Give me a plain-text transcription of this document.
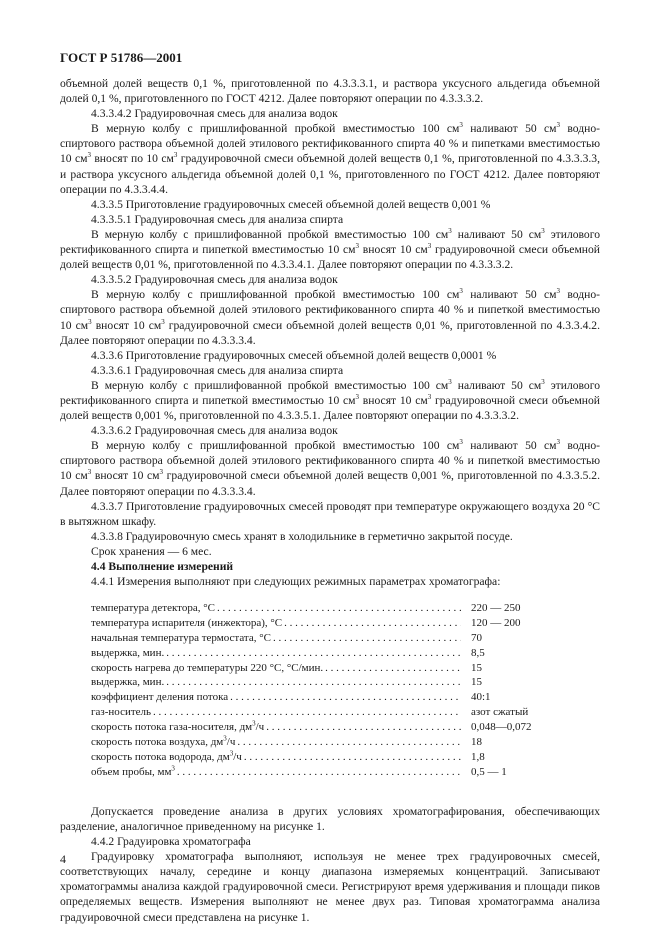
ГОСТ Р 51786—2001

объемной долей веществ 0,1 %, приготовленной по 4.3.3.3.1, и раствора уксусного альдегида объемной долей 0,1 %, приготовленного по ГОСТ 4212. Далее повторяют операции по 4.3.3.3.2.

4.3.3.4.2 Градуировочная смесь для анализа водок

В мерную колбу с пришлифованной пробкой вместимостью 100 $см^3$ наливают 50 $см^3$ водно-спиртового раствора объемной долей этилового ректификованного спирта 40 % и пипетками вместимостью 10 $см^3$ вносят по 10 $см^3$ градуировочной смеси объемной долей веществ 0,1 %, приготовленной по 4.3.3.3.3, и раствора уксусного альдегида объемной долей 0,1 %, приготовленного по ГОСТ 4212. Далее повторяют операции по 4.3.3.4.4.

4.3.3.5 Приготовление градуировочных смесей объемной долей веществ 0,001 %

4.3.3.5.1 Градуировочная смесь для анализа спирта

В мерную колбу с пришлифованной пробкой вместимостью 100 $см^3$ наливают 50 $см^3$ этилового ректификованного спирта и пипеткой вместимостью 10 $см^3$ вносят 10 $см^3$ градуировочной смеси объемной долей веществ 0,01 %, приготовленной по 4.3.3.4.1. Далее повторяют операции по 4.3.3.3.2.

4.3.3.5.2 Градуировочная смесь для анализа водок

В мерную колбу с пришлифованной пробкой вместимостью 100 $см^3$ наливают 50 $см^3$ водно-спиртового раствора объемной долей этилового ректификованного спирта 40 % и пипеткой вместимостью 10 $см^3$ вносят 10 $см^3$ градуировочной смеси объемной долей веществ 0,01 %, приготовленной по 4.3.3.4.2. Далее повторяют операции по 4.3.3.3.4.

4.3.3.6 Приготовление градуировочных смесей объемной долей веществ 0,0001 %

4.3.3.6.1 Градуировочная смесь для анализа спирта

В мерную колбу с пришлифованной пробкой вместимостью 100 $см^3$ наливают 50 $см^3$ этилового ректификованного спирта и пипеткой вместимостью 10 $см^3$ вносят 10 $см^3$ градуировочной смеси объемной долей веществ 0,001 %, приготовленной по 4.3.3.5.1. Далее повторяют операции по 4.3.3.3.2.

4.3.3.6.2 Градуировочная смесь для анализа водок

В мерную колбу с пришлифованной пробкой вместимостью 100 $см^3$ наливают 50 $см^3$ водно-спиртового раствора объемной долей этилового ректификованного спирта 40 % и пипеткой вместимостью 10 $см^3$ вносят 10 $см^3$ градуировочной смеси объемной долей веществ 0,001 %, приготовленной по 4.3.3.5.2. Далее повторяют операции по 4.3.3.3.4.

4.3.3.7 Приготовление градуировочных смесей проводят при температуре окружающего воздуха 20 °С в вытяжном шкафу.

4.3.3.8 Градуировочную смесь хранят в холодильнике в герметично закрытой посуде.

Срок хранения — 6 мес.

4.4 Выполнение измерений

4.4.1 Измерения выполняют при следующих режимных параметрах хроматографа:

температура детектора, °С . . .	220 — 250
температура испарителя (инжектора), °С . . .	120 — 200
начальная температура термостата, °С . . .	70
выдержка, мин. . . .	8,5
скорость нагрева до температуры 220 °С, °С/мин. . . .	15
выдержка, мин. . . .	15
коэффициент деления потока . . .	40:1
газ-носитель . . .	азот сжатый
скорость потока газа-носителя, $дм^3/ч$ . . .	0,048—0,072
скорость потока воздуха, $дм^3/ч$ . . .	18
скорость потока водорода, $дм^3/ч$ . . .	1,8
объем пробы, $мм^3$ . . .	0,5 — 1

Допускается проведение анализа в других условиях хроматографирования, обеспечивающих разделение, аналогичное приведенному на рисунке 1.

4.4.2 Градуировка хроматографа

Градуировку хроматографа выполняют, используя не менее трех градуировочных смесей, соответствующих началу, середине и концу диапазона измеряемых концентраций. Записывают хроматограммы анализа каждой градуировочной смеси. Регистрируют время удерживания и площади пиков определяемых веществ. Измерения выполняют не менее двух раз. Типовая хроматограмма анализа градуировочной смеси представлена на рисунке 1.

4
